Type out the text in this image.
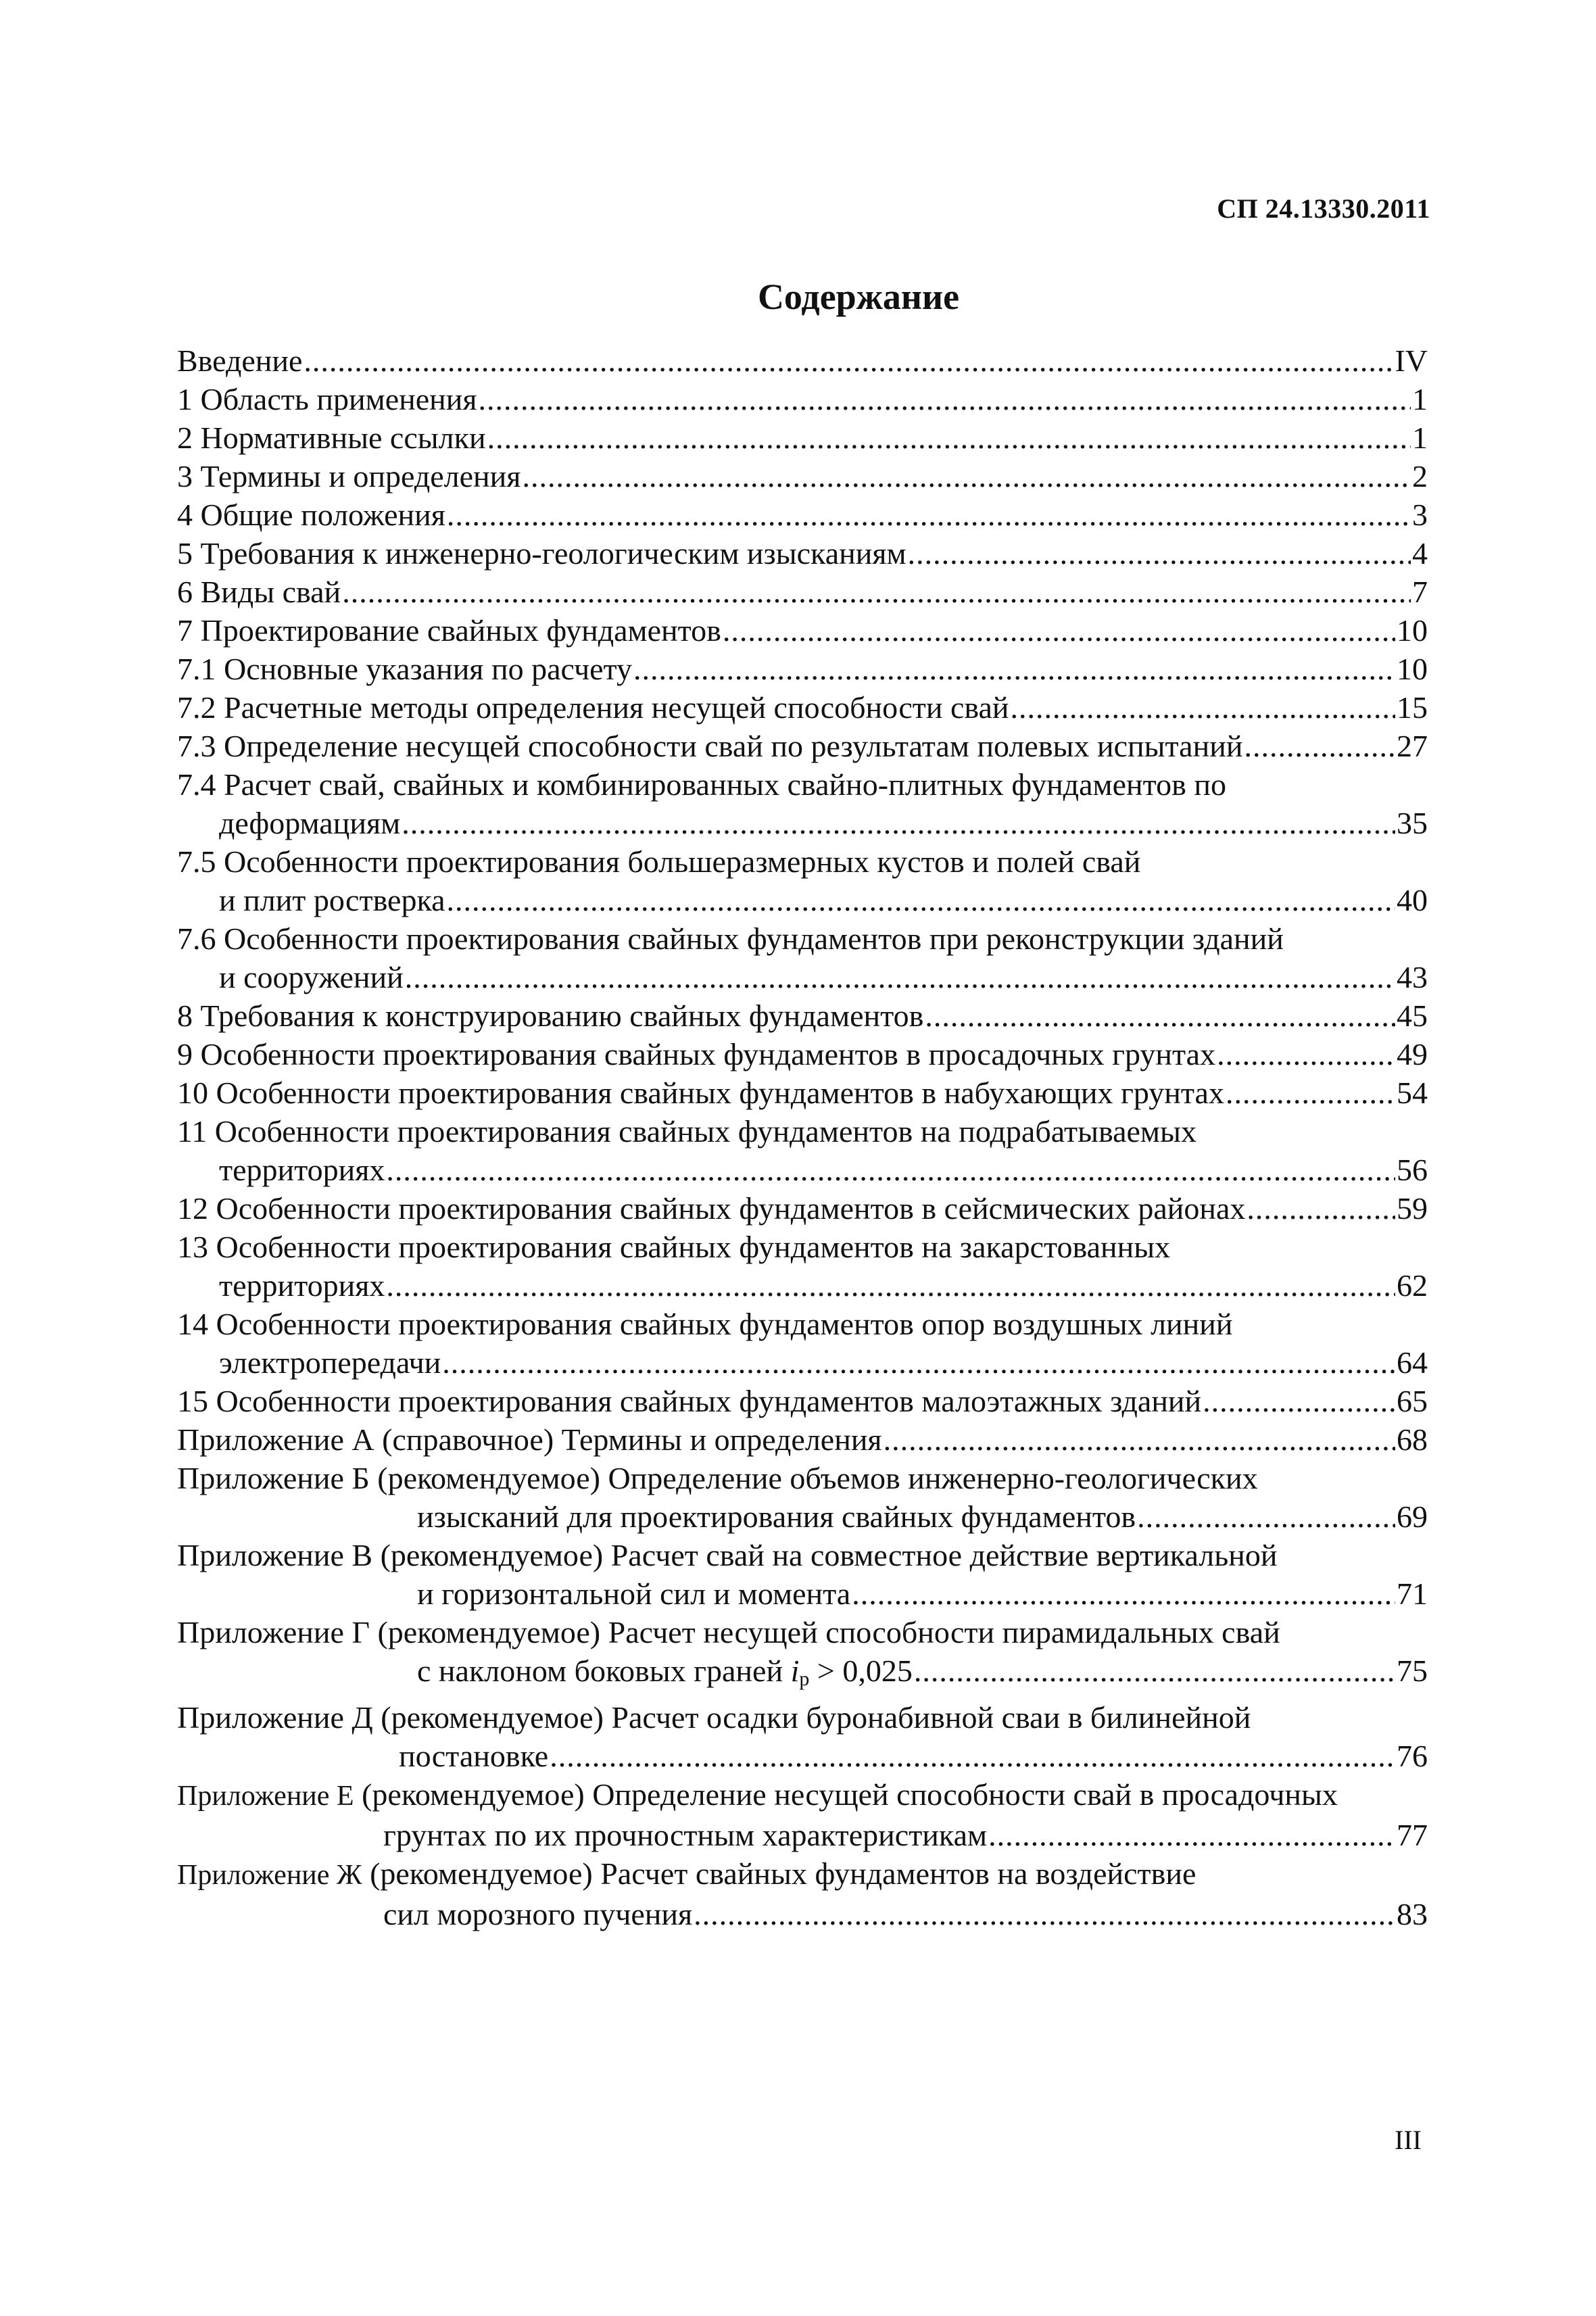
СП 24.13330.2011
Содержание
Введение .....	IV
1 Область применения .....	1
2 Нормативные ссылки .....	1
3 Термины и определения .....	2
4 Общие положения .....	3
5 Требования к инженерно-геологическим изысканиям .....	4
6 Виды свай .....	7
7 Проектирование свайных фундаментов .....	10
7.1 Основные указания по расчету .....	10
7.2 Расчетные методы определения несущей способности свай .....	15
7.3 Определение несущей способности свай по результатам полевых испытаний .....	27
7.4 Расчет свай, свайных и комбинированных свайно-плитных фундаментов по
деформациям .....	35
7.5 Особенности проектирования большеразмерных кустов и полей свай
и плит ростверка .....	40
7.6 Особенности проектирования свайных фундаментов при реконструкции зданий
и сооружений .....	43
8 Требования к конструированию свайных фундаментов .....	45
9 Особенности проектирования свайных фундаментов в просадочных грунтах .....	49
10 Особенности проектирования свайных фундаментов в набухающих грунтах .....	54
11 Особенности проектирования свайных фундаментов на подрабатываемых
территориях .....	56
12 Особенности проектирования свайных фундаментов в сейсмических районах .....	59
13 Особенности проектирования свайных фундаментов на закарстованных
территориях .....	62
14 Особенности проектирования свайных фундаментов опор воздушных линий
электропередачи .....	64
15 Особенности проектирования свайных фундаментов малоэтажных зданий .....	65
Приложение А (справочное) Термины и определения .....	68
Приложение Б (рекомендуемое) Определение объемов инженерно-геологических
изысканий для проектирования свайных фундаментов .....	69
Приложение В (рекомендуемое) Расчет свай на совместное действие вертикальной
и горизонтальной сил и момента .....	71
Приложение Г (рекомендуемое) Расчет несущей способности пирамидальных свай
с наклоном боковых граней $i_р > 0,025$ .....	75
Приложение Д (рекомендуемое) Расчет осадки буронабивной сваи в билинейной
постановке .....	76
Приложение Е (рекомендуемое) Определение несущей способности свай в просадочных
грунтах по их прочностным характеристикам .....	77
Приложение Ж (рекомендуемое) Расчет свайных фундаментов на воздействие
сил морозного пучения .....	83
III
